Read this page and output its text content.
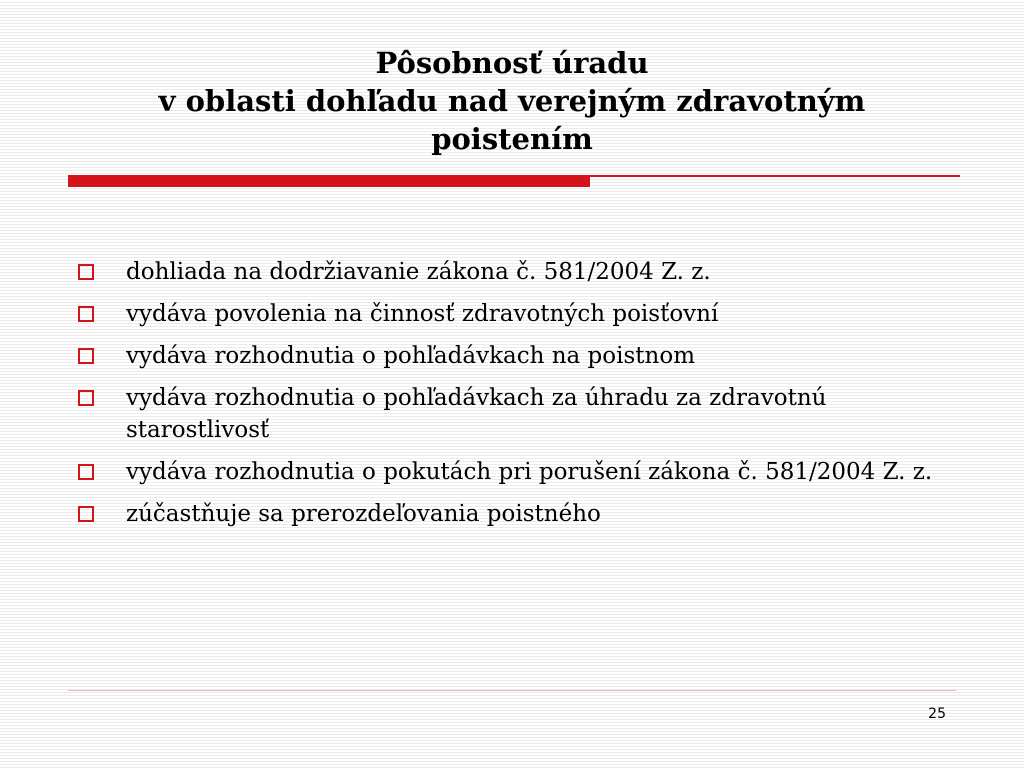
Pôsobnosť úradu
v oblasti dohľadu nad verejným zdravotným
poistením
dohliada na dodržiavanie zákona č. 581/2004 Z. z.
vydáva povolenia na činnosť zdravotných poisťovní
vydáva rozhodnutia o pohľadávkach na poistnom
vydáva rozhodnutia o pohľadávkach za úhradu za zdravotnú starostlivosť
vydáva rozhodnutia o pokutách pri porušení zákona č. 581/2004 Z. z.
zúčastňuje sa prerozdeľovania poistného
25
